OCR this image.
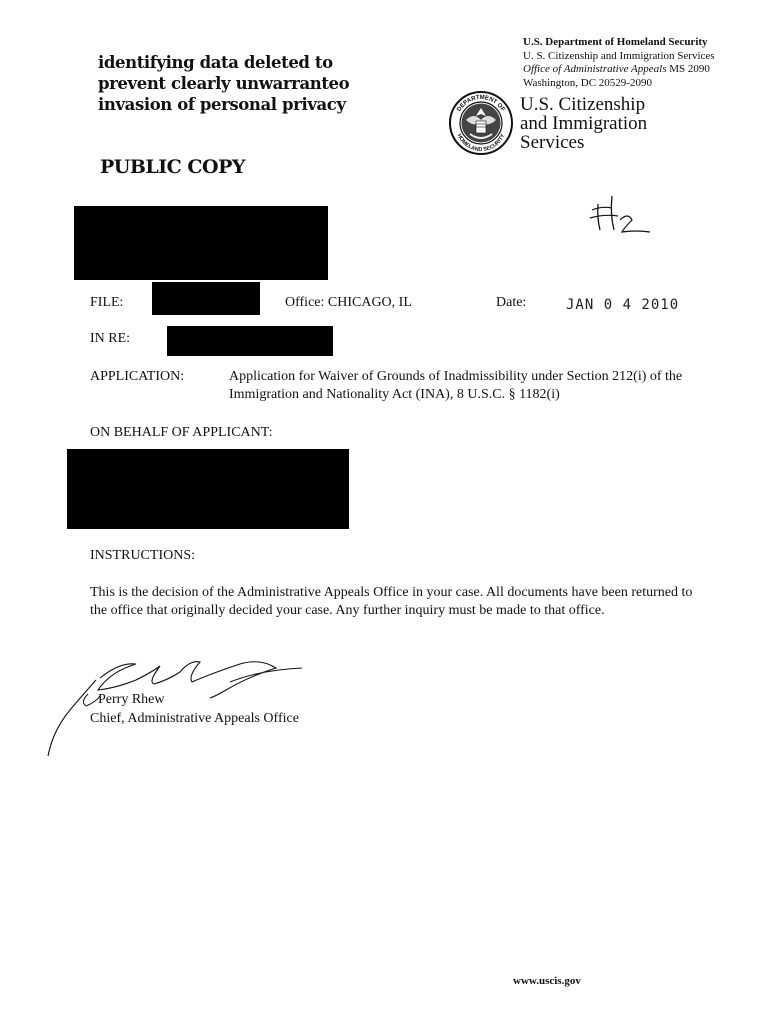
identifying data deleted to
prevent clearly unwarranteo
invasion of personal privacy
PUBLIC COPY
U.S. Department of Homeland Security
U. S. Citizenship and Immigration Services
Office of Administrative Appeals MS 2090
Washington, DC 20529-2090
DEPARTMENT OF
HOMELAND SECURITY
U.S. Citizenship
and Immigration
Services
FILE:	Office: CHICAGO, IL	Date:	JAN 0 4 2010
IN RE:
APPLICATION:	Application for Waiver of Grounds of Inadmissibility under Section 212(i) of the
Immigration and Nationality Act (INA), 8 U.S.C. § 1182(i)
ON BEHALF OF APPLICANT:
INSTRUCTIONS:
This is the decision of the Administrative Appeals Office in your case. All documents have been returned to
the office that originally decided your case. Any further inquiry must be made to that office.
Perry Rhew
Chief, Administrative Appeals Office
www.uscis.gov
